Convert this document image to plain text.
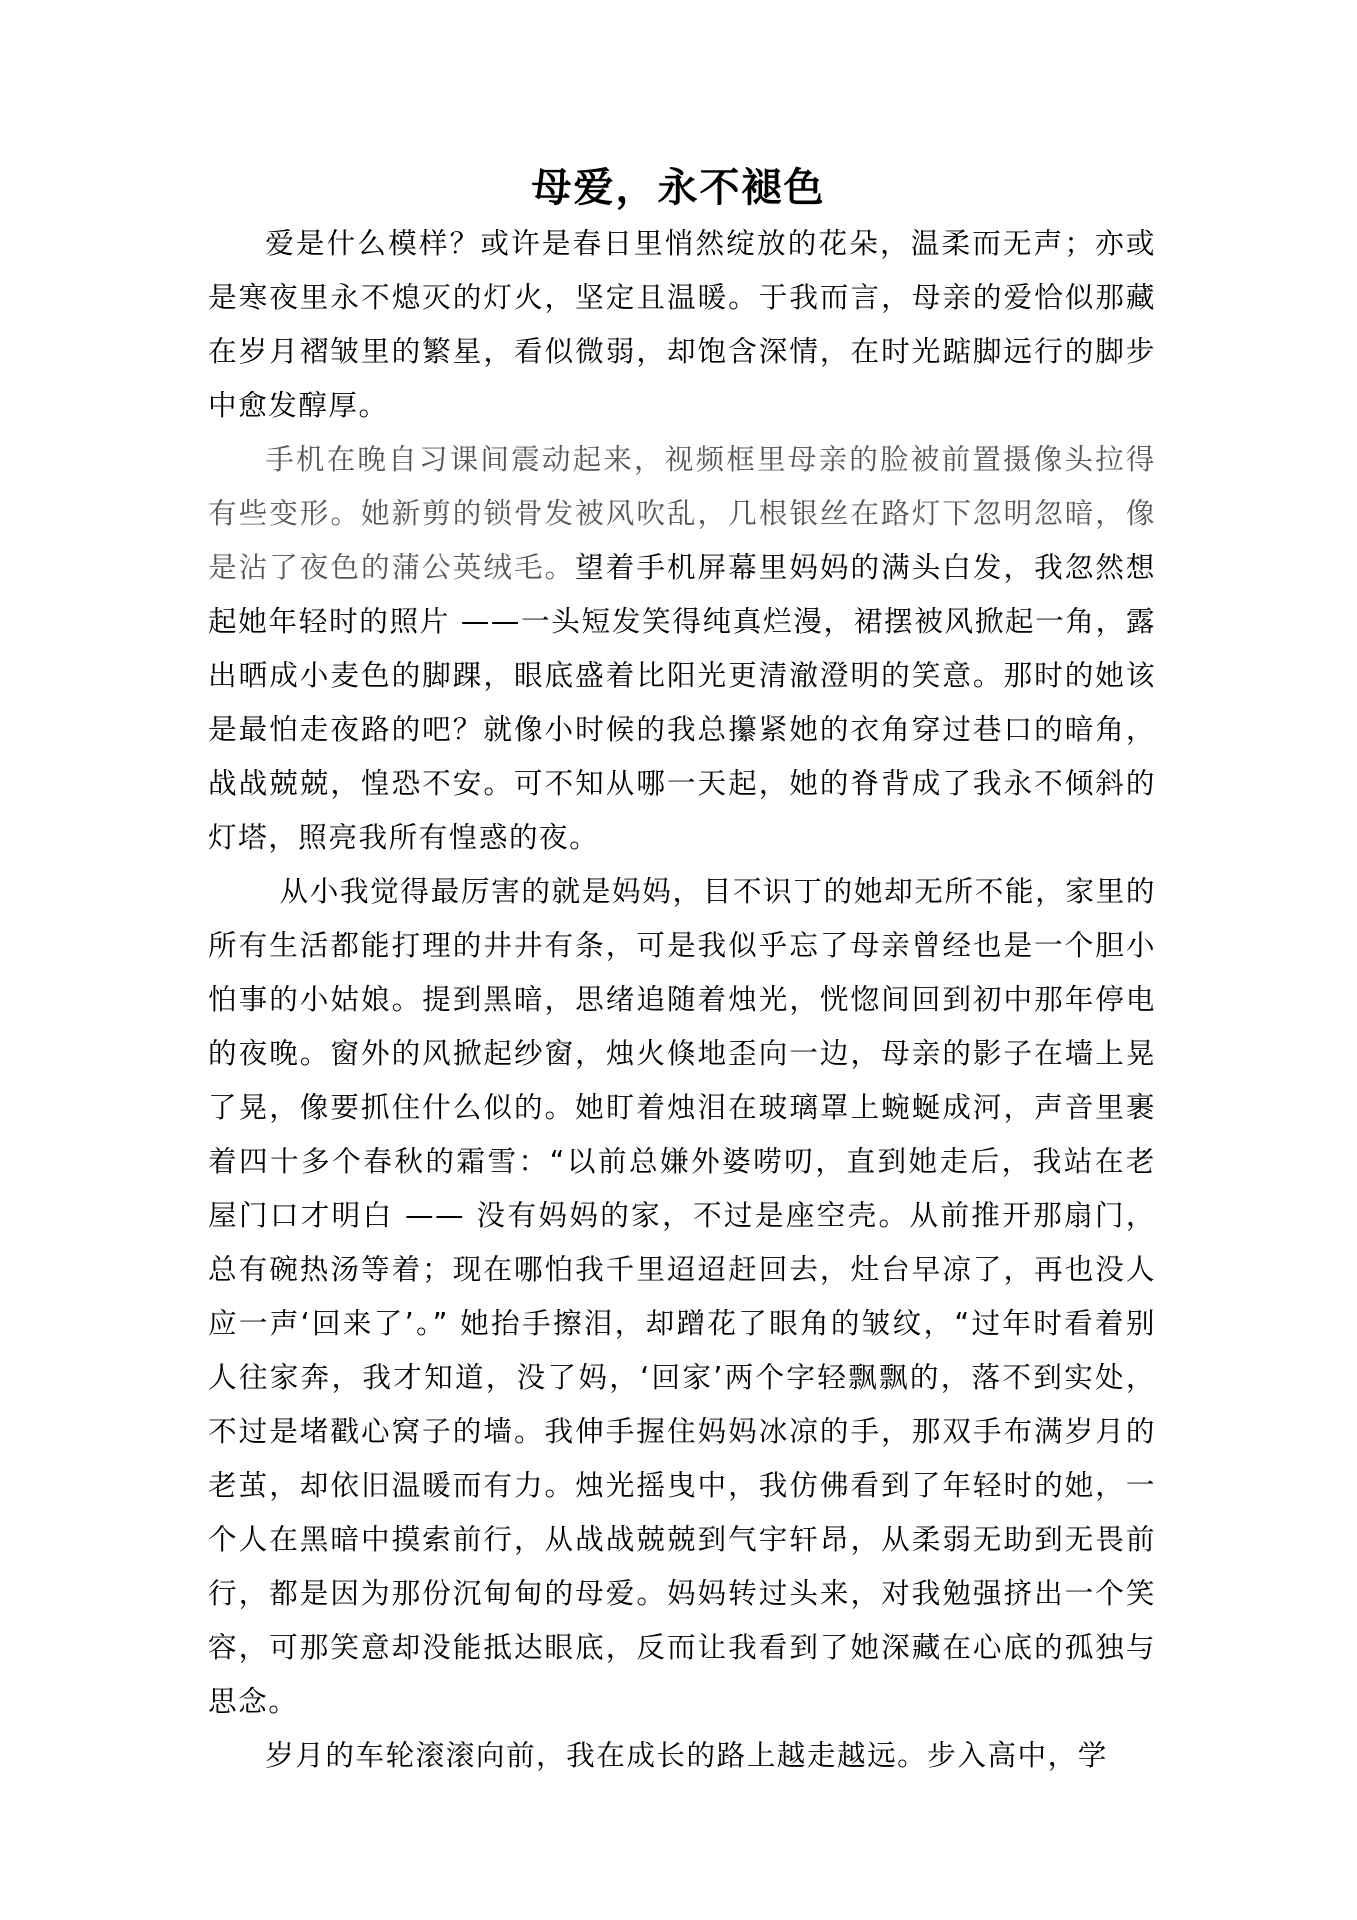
母爱，永不褪色

爱是什么模样？或许是春日里悄然绽放的花朵，温柔而无声；亦或是寒夜里永不熄灭的灯火，坚定且温暖。于我而言，母亲的爱恰似那藏在岁月褶皱里的繁星，看似微弱，却饱含深情，在时光踮脚远行的脚步中愈发醇厚。

手机在晚自习课间震动起来，视频框里母亲的脸被前置摄像头拉得有些变形。她新剪的锁骨发被风吹乱，几根银丝在路灯下忽明忽暗，像是沾了夜色的蒲公英绒毛。望着手机屏幕里妈妈的满头白发，我忽然想起她年轻时的照片 ——一头短发笑得纯真烂漫，裙摆被风掀起一角，露出晒成小麦色的脚踝，眼底盛着比阳光更清澈澄明的笑意。那时的她该是最怕走夜路的吧？就像小时候的我总攥紧她的衣角穿过巷口的暗角，战战兢兢，惶恐不安。可不知从哪一天起，她的脊背成了我永不倾斜的灯塔，照亮我所有惶惑的夜。

从小我觉得最厉害的就是妈妈，目不识丁的她却无所不能，家里的所有生活都能打理的井井有条，可是我似乎忘了母亲曾经也是一个胆小怕事的小姑娘。提到黑暗，思绪追随着烛光，恍惚间回到初中那年停电的夜晚。窗外的风掀起纱窗，烛火倏地歪向一边，母亲的影子在墙上晃了晃，像要抓住什么似的。她盯着烛泪在玻璃罩上蜿蜒成河，声音里裹着四十多个春秋的霜雪：“以前总嫌外婆唠叨，直到她走后，我站在老屋门口才明白 —— 没有妈妈的家，不过是座空壳。从前推开那扇门，总有碗热汤等着；现在哪怕我千里迢迢赶回去，灶台早凉了，再也没人应一声‘回来了’。” 她抬手擦泪，却蹭花了眼角的皱纹，“过年时看着别人往家奔，我才知道，没了妈，‘回家’两个字轻飘飘的，落不到实处，不过是堵戳心窝子的墙。我伸手握住妈妈冰凉的手，那双手布满岁月的老茧，却依旧温暖而有力。烛光摇曳中，我仿佛看到了年轻时的她，一个人在黑暗中摸索前行，从战战兢兢到气宇轩昂，从柔弱无助到无畏前行，都是因为那份沉甸甸的母爱。妈妈转过头来，对我勉强挤出一个笑容，可那笑意却没能抵达眼底，反而让我看到了她深藏在心底的孤独与思念。

岁月的车轮滚滚向前，我在成长的路上越走越远。步入高中，学
